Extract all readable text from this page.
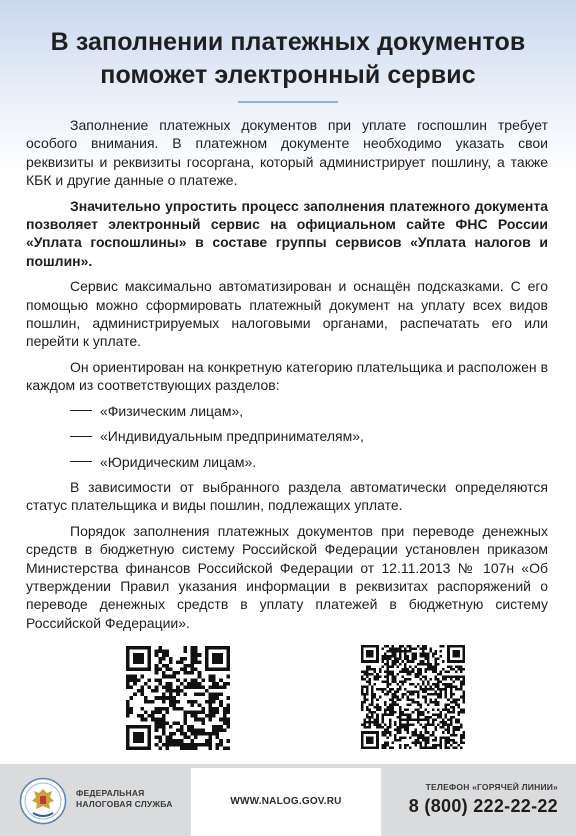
В заполнении платежных документов
поможет электронный сервис

Заполнение платежных документов при уплате госпошлин требует особого внимания. В платежном документе необходимо указать свои реквизиты и реквизиты госоргана, который администрирует пошлину, а также КБК и другие данные о платеже.

Значительно упростить процесс заполнения платежного документа позволяет электронный сервис на официальном сайте ФНС России «Уплата госпошлины» в составе группы сервисов «Уплата налогов и пошлин».

Сервис максимально автоматизирован и оснащён подсказками. С его помощью можно сформировать платежный документ на уплату всех видов пошлин, администрируемых налоговыми органами, распечатать его или перейти к уплате.

Он ориентирован на конкретную категорию плательщика и расположен в каждом из соответствующих разделов:

«Физическим лицам»,
«Индивидуальным предпринимателям»,
«Юридическим лицам».

В зависимости от выбранного раздела автоматически определяются статус плательщика и виды пошлин, подлежащих уплате.

Порядок заполнения платежных документов при переводе денежных средств в бюджетную систему Российской Федерации установлен приказом Министерства финансов Российской Федерации от 12.11.2013 № 107н «Об утверждении Правил указания информации в реквизитах распоряжений о переводе денежных средств в уплату платежей в бюджетную систему Российской Федерации».

ФЕДЕРАЛЬНАЯ
НАЛОГОВАЯ СЛУЖБА	WWW.NALOG.GOV.RU
ТЕЛЕФОН «ГОРЯЧЕЙ ЛИНИИ»
8 (800) 222-22-22
